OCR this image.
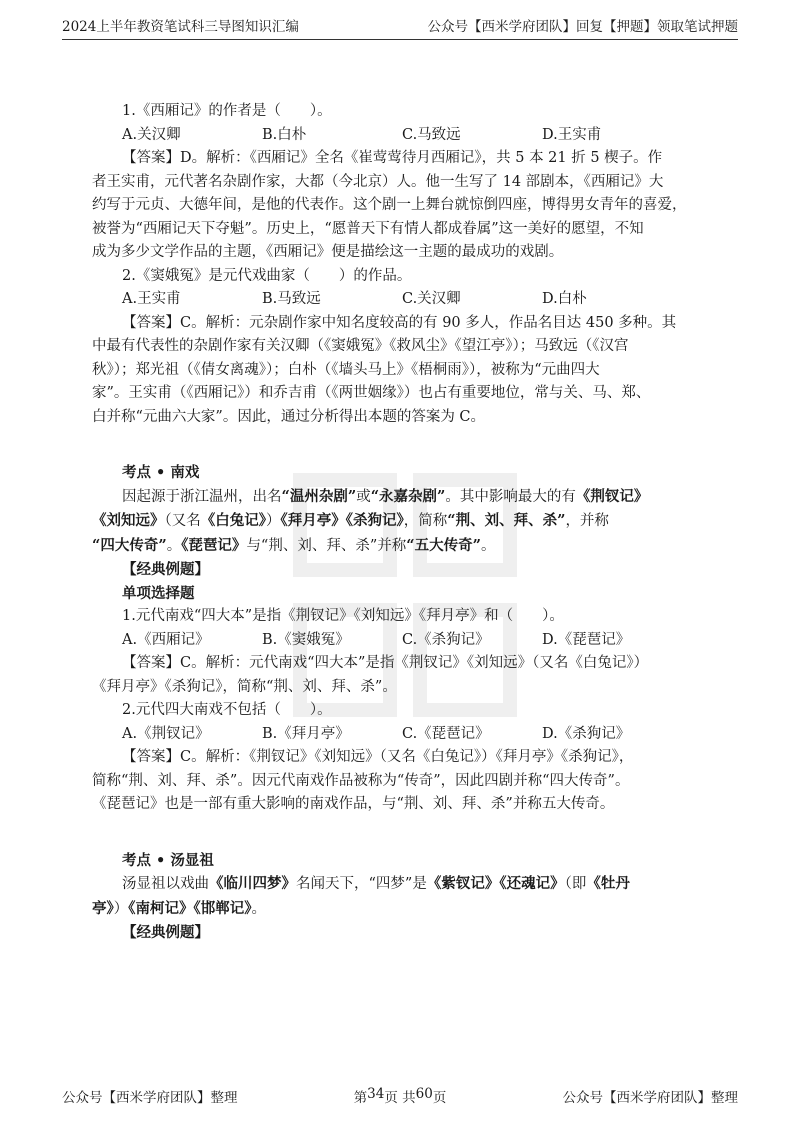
2024上半年教资笔试科三导图知识汇编	公众号【西米学府团队】回复【押题】领取笔试押题
1.《西厢记》的作者是（　　）。
A.关汉卿	B.白朴	C.马致远	D.王实甫
【答案】D。解析：《西厢记》全名《崔莺莺待月西厢记》，共 5 本 21 折 5 楔子。作
者王实甫，元代著名杂剧作家，大都（今北京）人。他一生写了 14 部剧本，《西厢记》大
约写于元贞、大德年间，是他的代表作。这个剧一上舞台就惊倒四座，博得男女青年的喜爱，
被誉为“西厢记天下夺魁”。历史上，“愿普天下有情人都成眷属”这一美好的愿望，不知
成为多少文学作品的主题，《西厢记》便是描绘这一主题的最成功的戏剧。
2.《窦娥冤》是元代戏曲家（　　）的作品。
A.王实甫	B.马致远	C.关汉卿	D.白朴
【答案】C。解析：元杂剧作家中知名度较高的有 90 多人，作品名目达 450 多种。其
中最有代表性的杂剧作家有关汉卿（《窦娥冤》《救风尘》《望江亭》）；马致远（《汉宫
秋》）；郑光祖（《倩女离魂》）；白朴（《墙头马上》《梧桐雨》），被称为“元曲四大
家”。王实甫（《西厢记》）和乔吉甫（《两世姻缘》）也占有重要地位，常与关、马、郑、
白并称“元曲六大家”。因此，通过分析得出本题的答案为 C。
考点 • 南戏
因起源于浙江温州，出名“温州杂剧”或“永嘉杂剧”。其中影响最大的有《荆钗记》
《刘知远》（又名《白兔记》）《拜月亭》《杀狗记》，简称“荆、刘、拜、杀”，并称
“四大传奇”。《琵琶记》与“荆、刘、拜、杀”并称“五大传奇”。
【经典例题】
单项选择题
1.元代南戏“四大本”是指《荆钗记》《刘知远》《拜月亭》和（　　）。
A.《西厢记》	B.《窦娥冤》	C.《杀狗记》	D.《琵琶记》
【答案】C。解析：元代南戏“四大本”是指《荆钗记》《刘知远》（又名《白兔记》）
《拜月亭》《杀狗记》，简称“荆、刘、拜、杀”。
2.元代四大南戏不包括（　　）。
A.《荆钗记》	B.《拜月亭》	C.《琵琶记》	D.《杀狗记》
【答案】C。解析：《荆钗记》《刘知远》（又名《白兔记》）《拜月亭》《杀狗记》，
简称“荆、刘、拜、杀”。因元代南戏作品被称为“传奇”，因此四剧并称“四大传奇”。
《琵琶记》也是一部有重大影响的南戏作品，与“荆、刘、拜、杀”并称五大传奇。
考点 • 汤显祖
汤显祖以戏曲《临川四梦》名闻天下，“四梦”是《紫钗记》《还魂记》（即《牡丹
亭》）《南柯记》《邯郸记》。
【经典例题】
公众号【西米学府团队】整理	第 34 页 共 60 页	公众号【西米学府团队】整理
